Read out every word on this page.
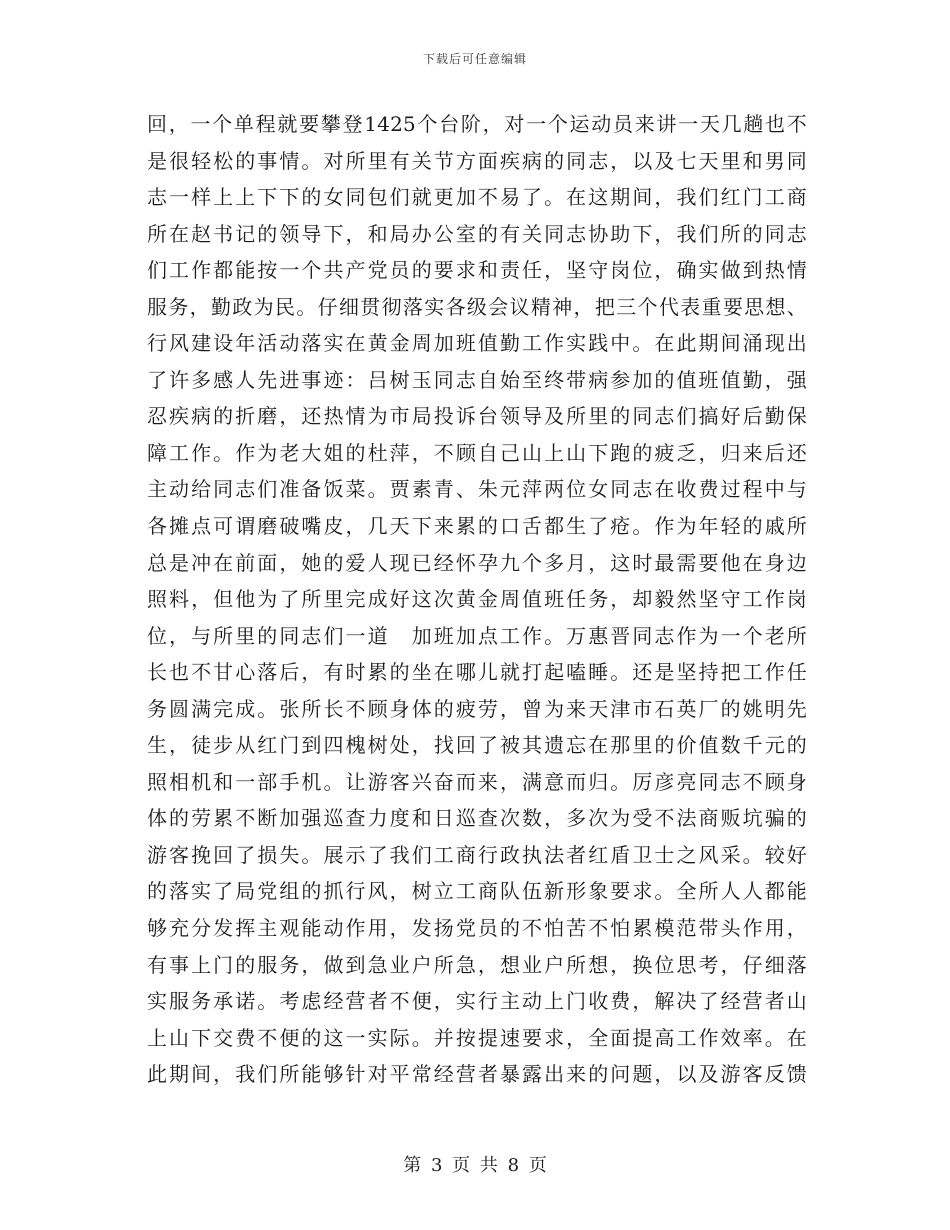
下载后可任意编辑
回，一个单程就要攀登1425个台阶，对一个运动员来讲一天几趟也不
是很轻松的事情。对所里有关节方面疾病的同志，以及七天里和男同
志一样上上下下的女同包们就更加不易了。在这期间，我们红门工商
所在赵书记的领导下，和局办公室的有关同志协助下，我们所的同志
们工作都能按一个共产党员的要求和责任，坚守岗位，确实做到热情
服务，勤政为民。仔细贯彻落实各级会议精神，把三个代表重要思想、
行风建设年活动落实在黄金周加班值勤工作实践中。在此期间涌现出
了许多感人先进事迹：吕树玉同志自始至终带病参加的值班值勤，强
忍疾病的折磨，还热情为市局投诉台领导及所里的同志们搞好后勤保
障工作。作为老大姐的杜萍，不顾自己山上山下跑的疲乏，归来后还
主动给同志们准备饭菜。贾素青、朱元萍两位女同志在收费过程中与
各摊点可谓磨破嘴皮，几天下来累的口舌都生了疮。作为年轻的戚所
总是冲在前面，她的爱人现已经怀孕九个多月，这时最需要他在身边
照料，但他为了所里完成好这次黄金周值班任务，却毅然坚守工作岗
位，与所里的同志们一道　加班加点工作。万惠晋同志作为一个老所
长也不甘心落后，有时累的坐在哪儿就打起嗑睡。还是坚持把工作任
务圆满完成。张所长不顾身体的疲劳，曾为来天津市石英厂的姚明先
生，徒步从红门到四槐树处，找回了被其遗忘在那里的价值数千元的
照相机和一部手机。让游客兴奋而来，满意而归。厉彦亮同志不顾身
体的劳累不断加强巡查力度和日巡查次数，多次为受不法商贩坑骗的
游客挽回了损失。展示了我们工商行政执法者红盾卫士之风采。较好
的落实了局党组的抓行风，树立工商队伍新形象要求。全所人人都能
够充分发挥主观能动作用，发扬党员的不怕苦不怕累模范带头作用，
有事上门的服务，做到急业户所急，想业户所想，换位思考，仔细落
实服务承诺。考虑经营者不便，实行主动上门收费，解决了经营者山
上山下交费不便的这一实际。并按提速要求，全面提高工作效率。在
此期间，我们所能够针对平常经营者暴露出来的问题，以及游客反馈
第 3 页 共 8 页
